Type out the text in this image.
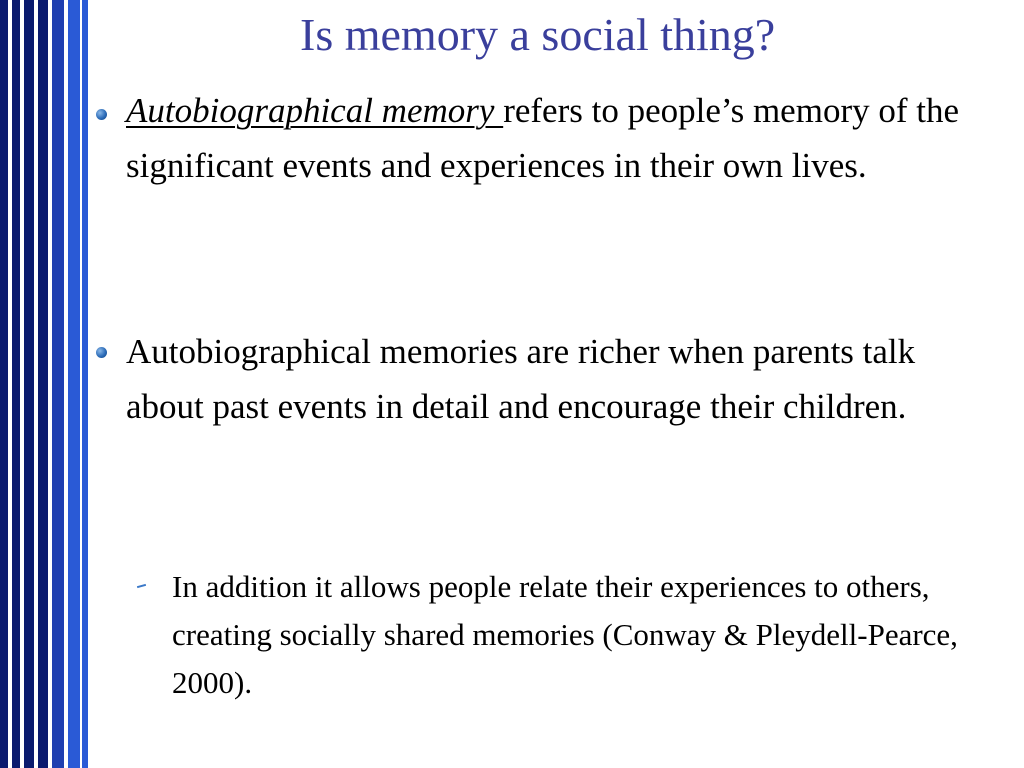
Is memory a social thing?
Autobiographical memory refers to people’s memory of the significant events and experiences in their own lives.
Autobiographical memories are richer when parents talk about past events in detail and encourage their children.
In addition it allows people relate their experiences to others, creating socially shared memories (Conway & Pleydell-Pearce, 2000).
